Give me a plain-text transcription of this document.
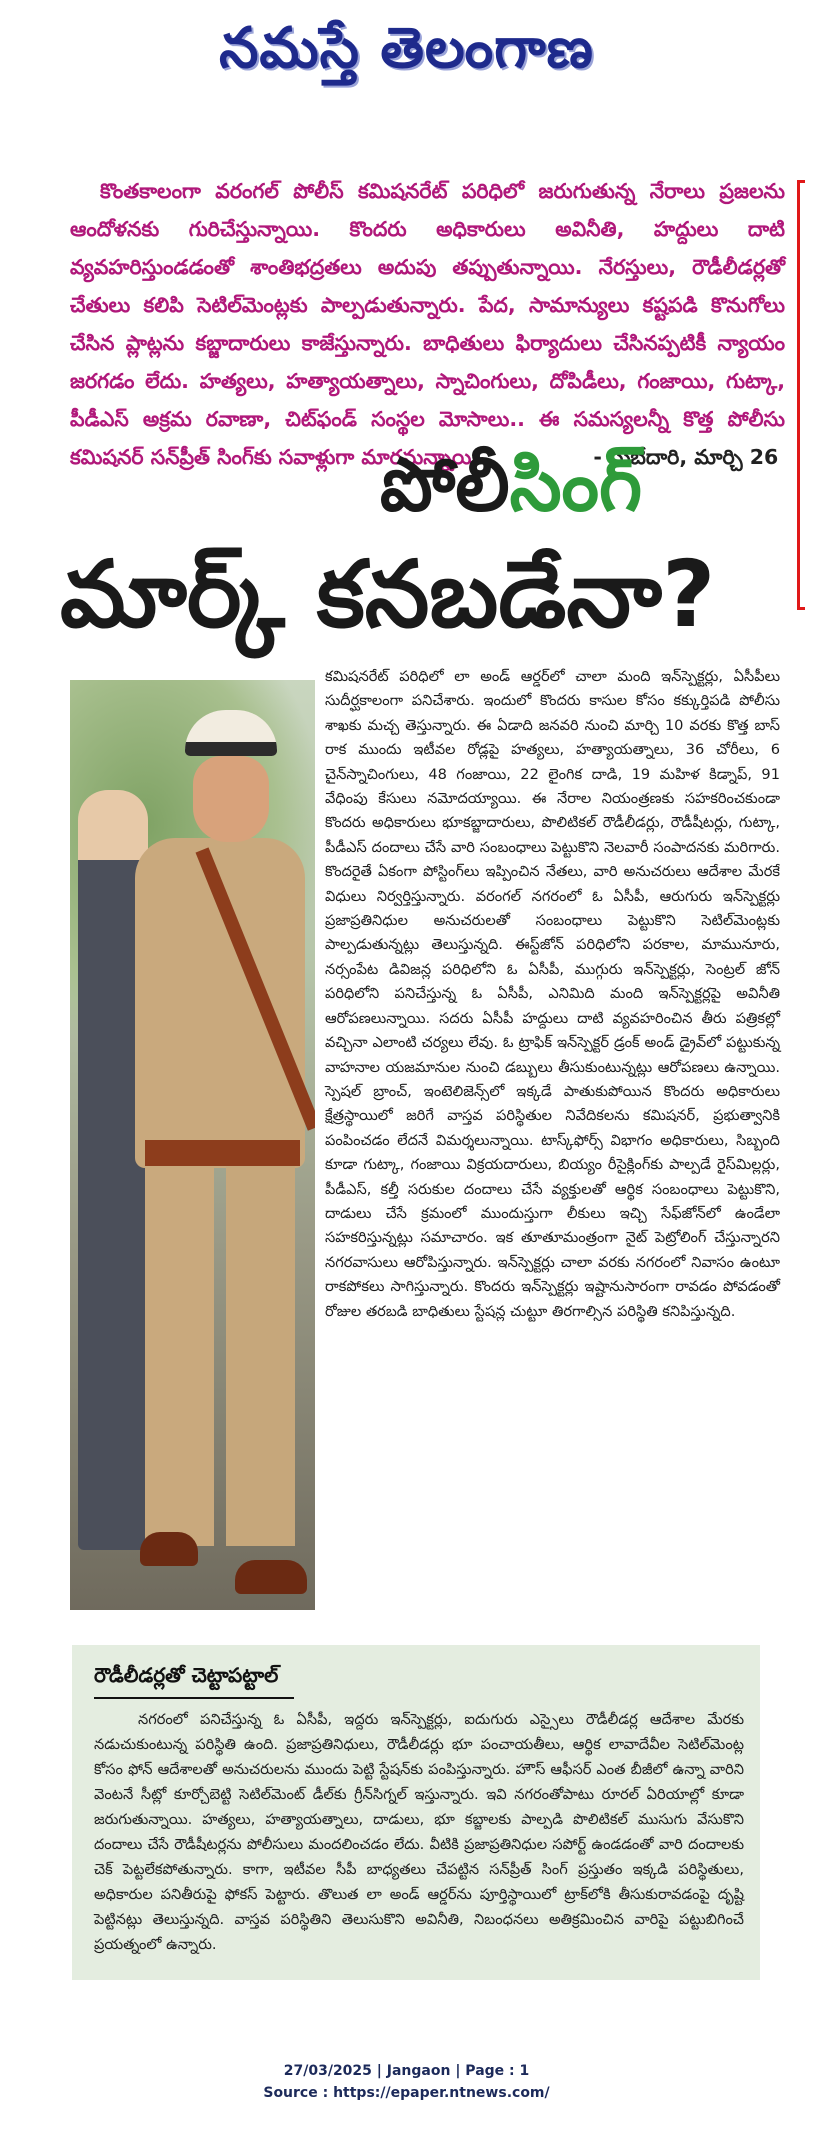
నమస్తే తెలంగాణ
కొంతకాలంగా వరంగల్ పోలీస్ కమిషనరేట్ పరిధిలో జరుగుతున్న నేరాలు ప్రజలను ఆందోళనకు గురిచేస్తున్నాయి. కొందరు అధికారులు అవినీతి, హద్దులు దాటి వ్యవహరిస్తుండడంతో శాంతిభద్రతలు అదుపు తప్పుతున్నాయి. నేరస్తులు, రౌడీలీడర్లతో చేతులు కలిపి సెటిల్‌మెంట్లకు పాల్పడుతున్నారు. పేద, సామాన్యులు కష్టపడి కొనుగోలు చేసిన ప్లాట్లను కబ్జాదారులు కాజేస్తున్నారు. బాధితులు ఫిర్యాదులు చేసినప్పటికీ న్యాయం జరగడం లేదు. హత్యలు, హత్యాయత్నాలు, స్నాచింగులు, దోపిడీలు, గంజాయి, గుట్కా, పీడీఎస్ అక్రమ రవాణా, చిట్‌ఫండ్ సంస్థల మోసాలు.. ఈ సమస్యలన్నీ కొత్త పోలీసు కమిషనర్ సన్‌ప్రీత్ సింగ్‌కు సవాళ్లుగా మారనున్నాయి.	- సుబేదారి, మార్చి 26
పోలీసింగ్
మార్క్ కనబడేనా?
కమిషనరేట్ పరిధిలో లా అండ్ ఆర్డర్‌లో చాలా మంది ఇన్‌స్పెక్టర్లు, ఏసీపీలు సుదీర్ఘకాలంగా పనిచేశారు. ఇందులో కొందరు కాసుల కోసం కక్కుర్తిపడి పోలీసు శాఖకు మచ్చ తెస్తున్నారు. ఈ ఏడాది జనవరి నుంచి మార్చి 10 వరకు కొత్త బాస్ రాక ముందు ఇటీవల రోడ్లపై హత్యలు, హత్యాయత్నాలు, 36 చోరీలు, 6 చైన్‌స్నాచింగులు, 48 గంజాయి, 22 లైంగిక దాడి, 19 మహిళ కిడ్నాప్, 91 వేధింపు కేసులు నమోదయ్యాయి. ఈ నేరాల నియంత్రణకు సహకరించకుండా కొందరు అధికారులు భూకబ్జాదారులు, పొలిటికల్ రౌడీలీడర్లు, రౌడీషీటర్లు, గుట్కా, పీడీఎస్ దందాలు చేసే వారి సంబంధాలు పెట్టుకొని నెలవారీ సంపాదనకు మరిగారు. కొందరైతే ఏకంగా పోస్టింగ్‌లు ఇప్పించిన నేతలు, వారి అనుచరులు ఆదేశాల మేరకే విధులు నిర్వర్తిస్తున్నారు. వరంగల్ నగరంలో ఓ ఏసీపీ, ఆరుగురు ఇన్‌స్పెక్టర్లు ప్రజాప్రతినిధుల అనుచరులతో సంబంధాలు పెట్టుకొని సెటిల్‌మెంట్లకు పాల్పడుతున్నట్లు తెలుస్తున్నది. ఈస్ట్‌జోన్ పరిధిలోని పరకాల, మామునూరు, నర్సంపేట డివిజన్ల పరిధిలోని ఓ ఏసీపీ, ముగ్గురు ఇన్‌స్పెక్టర్లు, సెంట్రల్ జోన్ పరిధిలోని పనిచేస్తున్న ఓ ఏసీపీ, ఎనిమిది మంది ఇన్‌స్పెక్టర్లపై అవినీతి ఆరోపణలున్నాయి. సదరు ఏసీపీ హద్దులు దాటి వ్యవహరించిన తీరు పత్రికల్లో వచ్చినా ఎలాంటి చర్యలు లేవు. ఓ ట్రాఫిక్ ఇన్‌స్పెక్టర్ డ్రంక్ అండ్ డ్రైవ్‌లో పట్టుకున్న వాహనాల యజమానుల నుంచి డబ్బులు తీసుకుంటున్నట్లు ఆరోపణలు ఉన్నాయి. స్పెషల్ బ్రాంచ్, ఇంటెలిజెన్స్‌లో ఇక్కడే పాతుకుపోయిన కొందరు అధికారులు క్షేత్రస్థాయిలో జరిగే వాస్తవ పరిస్థితుల నివేదికలను కమిషనర్, ప్రభుత్వానికి పంపించడం లేదనే విమర్శలున్నాయి. టాస్క్‌ఫోర్స్ విభాగం అధికారులు, సిబ్బంది కూడా గుట్కా, గంజాయి విక్రయదారులు, బియ్యం రీసైక్లింగ్‌కు పాల్పడే రైస్‌మిల్లర్లు, పీడీఎస్, కల్తీ సరుకుల దందాలు చేసే వ్యక్తులతో ఆర్థిక సంబంధాలు పెట్టుకొని, దాడులు చేసే క్రమంలో ముందుస్తుగా లీకులు ఇచ్చి సేఫ్‌జోన్‌లో ఉండేలా సహకరిస్తున్నట్లు సమాచారం. ఇక తూతూమంత్రంగా నైట్ పెట్రోలింగ్ చేస్తున్నారని నగరవాసులు ఆరోపిస్తున్నారు. ఇన్‌స్పెక్టర్లు చాలా వరకు నగరంలో నివాసం ఉంటూ రాకపోకలు సాగిస్తున్నారు. కొందరు ఇన్‌స్పెక్టర్లు ఇష్టానుసారంగా రావడం పోవడంతో రోజుల తరబడి బాధితులు స్టేషన్ల చుట్టూ తిరగాల్సిన పరిస్థితి కనిపిస్తున్నది.
రౌడీలీడర్లతో చెట్టాపట్టాల్
నగరంలో పనిచేస్తున్న ఓ ఏసీపీ, ఇద్దరు ఇన్‌స్పెక్టర్లు, ఐదుగురు ఎస్సైలు రౌడీలీడర్ల ఆదేశాల మేరకు నడుచుకుంటున్న పరిస్థితి ఉంది. ప్రజాప్రతినిధులు, రౌడీలీడర్లు భూ పంచాయతీలు, ఆర్థిక లావాదేవీల సెటిల్‌మెంట్ల కోసం ఫోన్ ఆదేశాలతో అనుచరులను ముందు పెట్టి స్టేషన్‌కు పంపిస్తున్నారు. హౌస్ ఆఫీసర్ ఎంత బీజీలో ఉన్నా వారిని వెంటనే సీట్లో కూర్చోబెట్టి సెటిల్‌మెంట్ డీల్‌కు గ్రీన్‌సిగ్నల్ ఇస్తున్నారు. ఇవి నగరంతోపాటు రూరల్ ఏరియాల్లో కూడా జరుగుతున్నాయి. హత్యలు, హత్యాయత్నాలు, దాడులు, భూ కబ్జాలకు పాల్పడి పొలిటికల్ ముసుగు వేసుకొని దందాలు చేసే రౌడీషీటర్లను పోలీసులు మందలించడం లేదు. వీటికి ప్రజాప్రతినిధుల సపోర్ట్ ఉండడంతో వారి దందాలకు చెక్ పెట్టలేకపోతున్నారు. కాగా, ఇటీవల సీపీ బాధ్యతలు చేపట్టిన సన్‌ప్రీత్ సింగ్ ప్రస్తుతం ఇక్కడి పరిస్థితులు, అధికారుల పనితీరుపై ఫోకస్ పెట్టారు. తొలుత లా అండ్ ఆర్డర్‌ను పూర్తిస్థాయిలో ట్రాక్‌లోకి తీసుకురావడంపై దృష్టి పెట్టినట్లు తెలుస్తున్నది. వాస్తవ పరిస్థితిని తెలుసుకొని అవినీతి, నిబంధనలు అతిక్రమించిన వారిపై పట్టుబిగించే ప్రయత్నంలో ఉన్నారు.
27/03/2025 | Jangaon | Page : 1
Source : https://epaper.ntnews.com/
